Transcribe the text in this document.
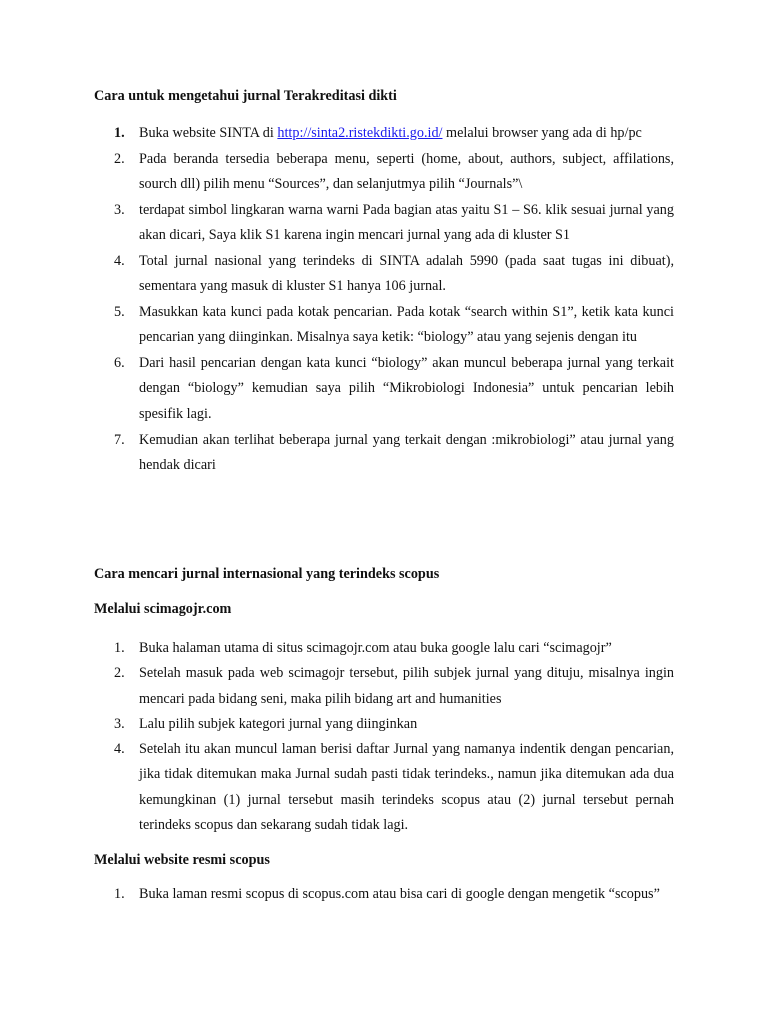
Cara untuk mengetahui jurnal Terakreditasi dikti
1. Buka website SINTA di http://sinta2.ristekdikti.go.id/ melalui browser yang ada di hp/pc
2. Pada beranda tersedia beberapa menu, seperti (home, about, authors, subject, affilations, sourch dll) pilih menu “Sources”, dan selanjutmya pilih “Journals”\
3. terdapat simbol lingkaran warna warni Pada bagian atas yaitu S1 – S6. klik sesuai jurnal yang akan dicari, Saya klik S1 karena ingin mencari jurnal yang ada di kluster S1
4. Total jurnal nasional yang terindeks di SINTA adalah 5990 (pada saat tugas ini dibuat), sementara yang masuk di kluster S1 hanya 106 jurnal.
5. Masukkan kata kunci pada kotak pencarian. Pada kotak “search within S1”, ketik kata kunci pencarian yang diinginkan. Misalnya saya ketik: “biology” atau yang sejenis dengan itu
6. Dari hasil pencarian dengan kata kunci “biology” akan muncul beberapa jurnal yang terkait dengan “biology” kemudian saya pilih “Mikrobiologi Indonesia” untuk pencarian lebih spesifik lagi.
7. Kemudian akan terlihat beberapa jurnal yang terkait dengan :mikrobiologi” atau jurnal yang hendak dicari
Cara mencari jurnal internasional yang terindeks scopus
Melalui scimagojr.com
1. Buka halaman utama di situs scimagojr.com atau buka google lalu cari “scimagojr”
2. Setelah masuk pada web scimagojr tersebut, pilih subjek jurnal yang dituju, misalnya ingin mencari pada bidang seni, maka pilih bidang art and humanities
3. Lalu pilih subjek kategori jurnal yang diinginkan
4. Setelah itu akan muncul laman berisi daftar Jurnal yang namanya indentik dengan pencarian, jika tidak ditemukan maka Jurnal sudah pasti tidak terindeks., namun jika ditemukan ada dua kemungkinan (1) jurnal tersebut masih terindeks scopus atau (2) jurnal tersebut pernah terindeks scopus dan sekarang sudah tidak lagi.
Melalui website resmi scopus
1. Buka laman resmi scopus di scopus.com atau bisa cari di google dengan mengetik “scopus”
